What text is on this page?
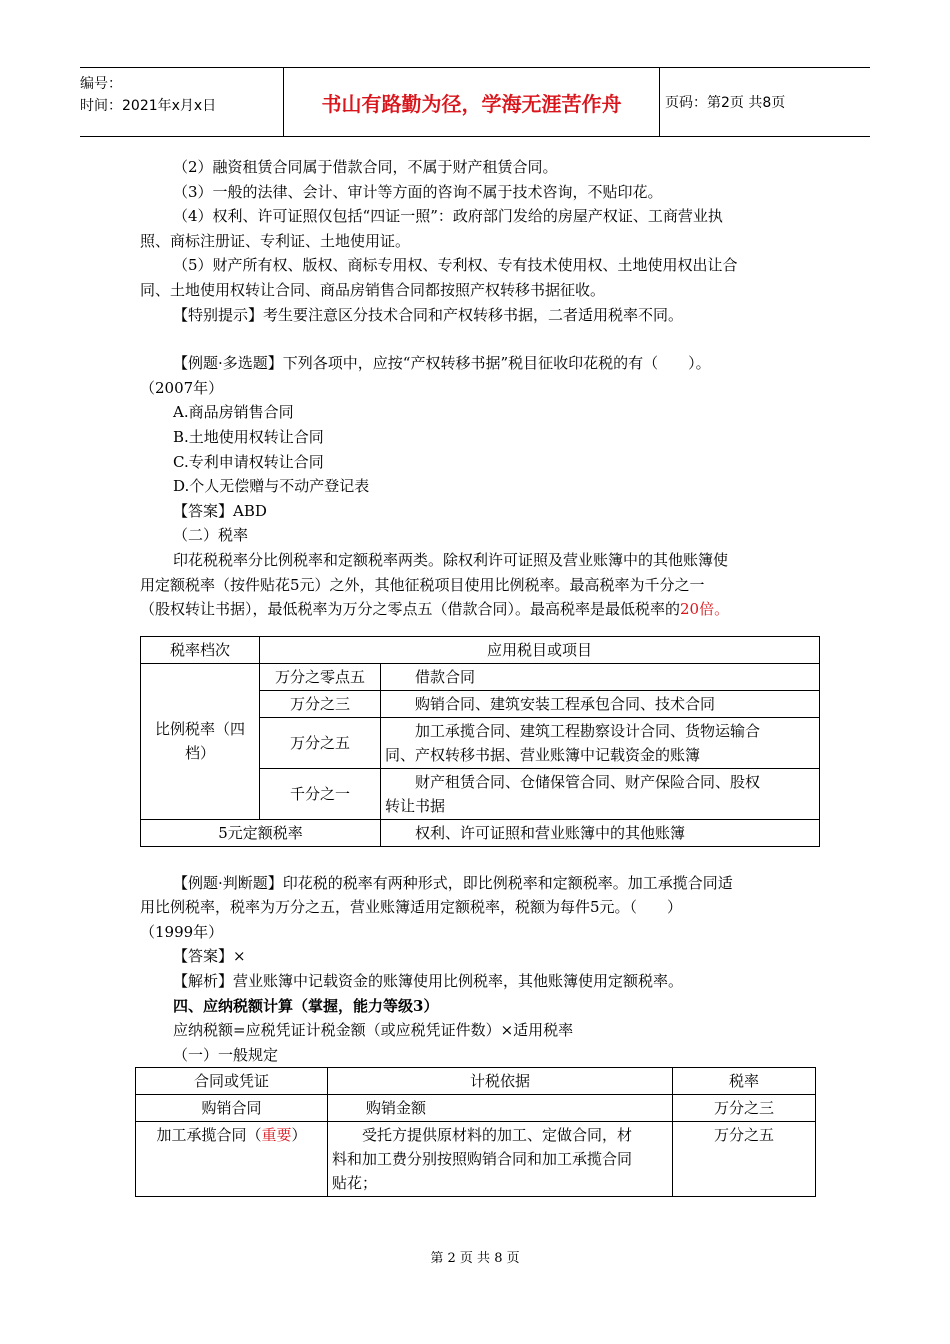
编号：
时间：2021年x月x日	书山有路勤为径，学海无涯苦作舟	页码：第2页 共8页

（2）融资租赁合同属于借款合同，不属于财产租赁合同。

（3）一般的法律、会计、审计等方面的咨询不属于技术咨询，不贴印花。

（4）权利、许可证照仅包括“四证一照”：政府部门发给的房屋产权证、工商营业执

照、商标注册证、专利证、土地使用证。

（5）财产所有权、版权、商标专用权、专利权、专有技术使用权、土地使用权出让合

同、土地使用权转让合同、商品房销售合同都按照产权转移书据征收。

【特别提示】考生要注意区分技术合同和产权转移书据，二者适用税率不同。

【例题·多选题】下列各项中，应按“产权转移书据”税目征收印花税的有（　　）。

（2007年）

A.商品房销售合同

B.土地使用权转让合同

C.专利申请权转让合同

D.个人无偿赠与不动产登记表

【答案】ABD

（二）税率

印花税税率分比例税率和定额税率两类。除权利许可证照及营业账簿中的其他账簿使

用定额税率（按件贴花5元）之外，其他征税项目使用比例税率。最高税率为千分之一

（股权转让书据），最低税率为万分之零点五（借款合同）。最高税率是最低税率的20倍。

税率档次	应用税目或项目	

比例税率（四档）	万分之零点五	借款合同
	万分之三	购销合同、建筑安装工程承包合同、技术合同
	万分之五	加工承揽合同、建筑工程勘察设计合同、货物运输合
同、产权转移书据、营业账簿中记载资金的账簿

	千分之一	财产租赁合同、仓储保管合同、财产保险合同、股权
转让书据

5元定额税率		权利、许可证照和营业账簿中的其他账簿

【例题·判断题】印花税的税率有两种形式，即比例税率和定额税率。加工承揽合同适

用比例税率，税率为万分之五，营业账簿适用定额税率，税额为每件5元。（　　）

（1999年）

【答案】×

【解析】营业账簿中记载资金的账簿使用比例税率，其他账簿使用定额税率。

四、应纳税额计算（掌握，能力等级3）

应纳税额=应税凭证计税金额（或应税凭证件数）×适用税率

（一）一般规定

合同或凭证	计税依据	税率
购销合同	购销金额	万分之三
加工承揽合同（重要）	受托方提供原材料的加工、定做合同，材
料和加工费分别按照购销合同和加工承揽合同
贴花；	万分之五
第 2 页 共 8 页
